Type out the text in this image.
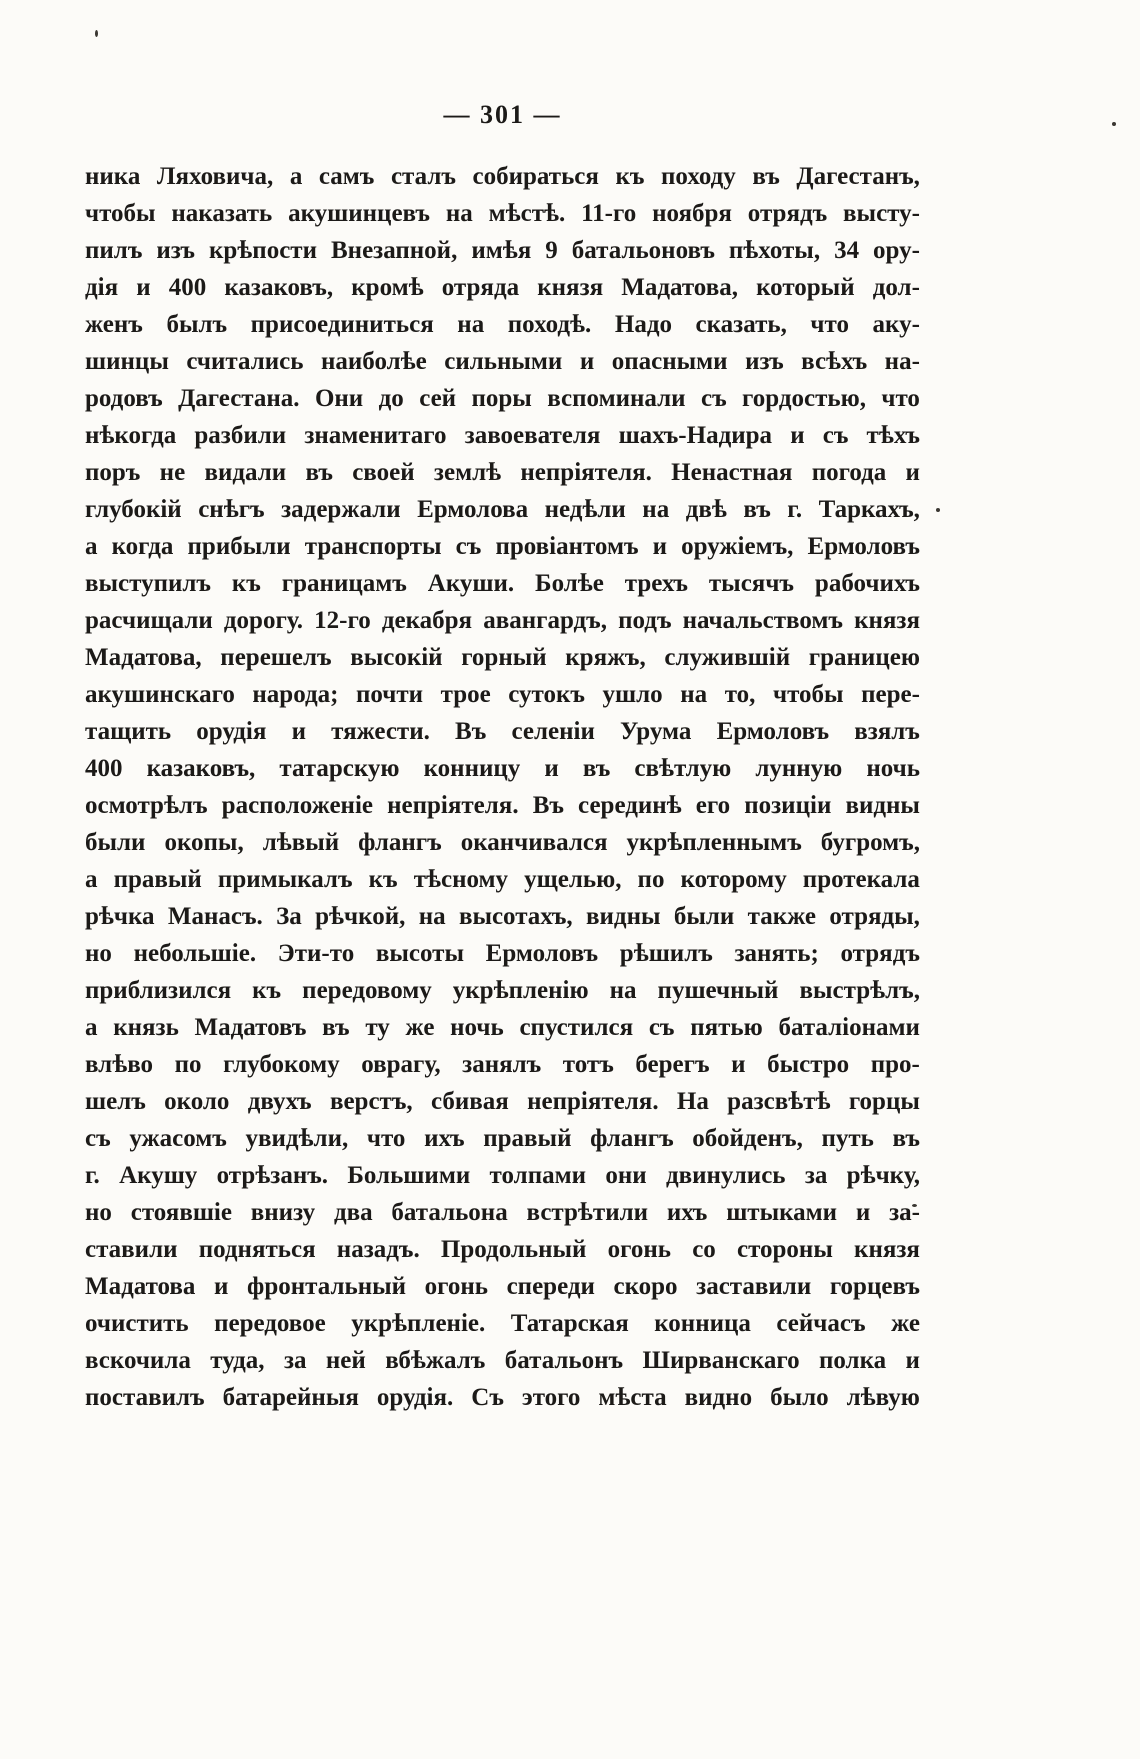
— 301 —
ника Ляховича, а самъ сталъ собираться къ походу въ Дагестанъ,
чтобы наказать акушинцевъ на мѣстѣ. 11-го ноября отрядъ высту-
пилъ изъ крѣпости Внезапной, имѣя 9 батальоновъ пѣхоты, 34 ору-
дія и 400 казаковъ, кромѣ отряда князя Мадатова, который дол-
женъ былъ присоединиться на походѣ. Надо сказать, что аку-
шинцы считались наиболѣе сильными и опасными изъ всѣхъ на-
родовъ Дагестана. Они до сей поры вспоминали съ гордостью, что
нѣкогда разбили знаменитаго завоевателя шахъ-Надира и съ тѣхъ
поръ не видали въ своей землѣ непріятеля. Ненастная погода и
глубокій снѣгъ задержали Ермолова недѣли на двѣ въ г. Таркахъ,
а когда прибыли транспорты съ провіантомъ и оружіемъ, Ермоловъ
выступилъ къ границамъ Акуши. Болѣе трехъ тысячъ рабочихъ
расчищали дорогу. 12-го декабря авангардъ, подъ начальствомъ князя
Мадатова, перешелъ высокій горный кряжъ, служившій границею
акушинскаго народа; почти трое сутокъ ушло на то, чтобы пере-
тащить орудія и тяжести. Въ селеніи Урума Ермоловъ взялъ
400 казаковъ, татарскую конницу и въ свѣтлую лунную ночь
осмотрѣлъ расположеніе непріятеля. Въ серединѣ его позиціи видны
были окопы, лѣвый флангъ оканчивался укрѣпленнымъ бугромъ,
а правый примыкалъ къ тѣсному ущелью, по которому протекала
рѣчка Манасъ. За рѣчкой, на высотахъ, видны были также отряды,
но небольшіе. Эти-то высоты Ермоловъ рѣшилъ занять; отрядъ
приблизился къ передовому укрѣпленію на пушечный выстрѣлъ,
а князь Мадатовъ въ ту же ночь спустился съ пятью баталіонами
влѣво по глубокому оврагу, занялъ тотъ берегъ и быстро про-
шелъ около двухъ верстъ, сбивая непріятеля. На разсвѣтѣ горцы
съ ужасомъ увидѣли, что ихъ правый флангъ обойденъ, путь въ
г. Акушу отрѣзанъ. Большими толпами они двинулись за рѣчку,
но стоявшіе внизу два батальона встрѣтили ихъ штыками и за-
ставили подняться назадъ. Продольный огонь со стороны князя
Мадатова и фронтальный огонь спереди скоро заставили горцевъ
очистить передовое укрѣпленіе. Татарская конница сейчасъ же
вскочила туда, за ней вбѣжалъ батальонъ Ширванскаго полка и
поставилъ батарейныя орудія. Съ этого мѣста видно было лѣвую
